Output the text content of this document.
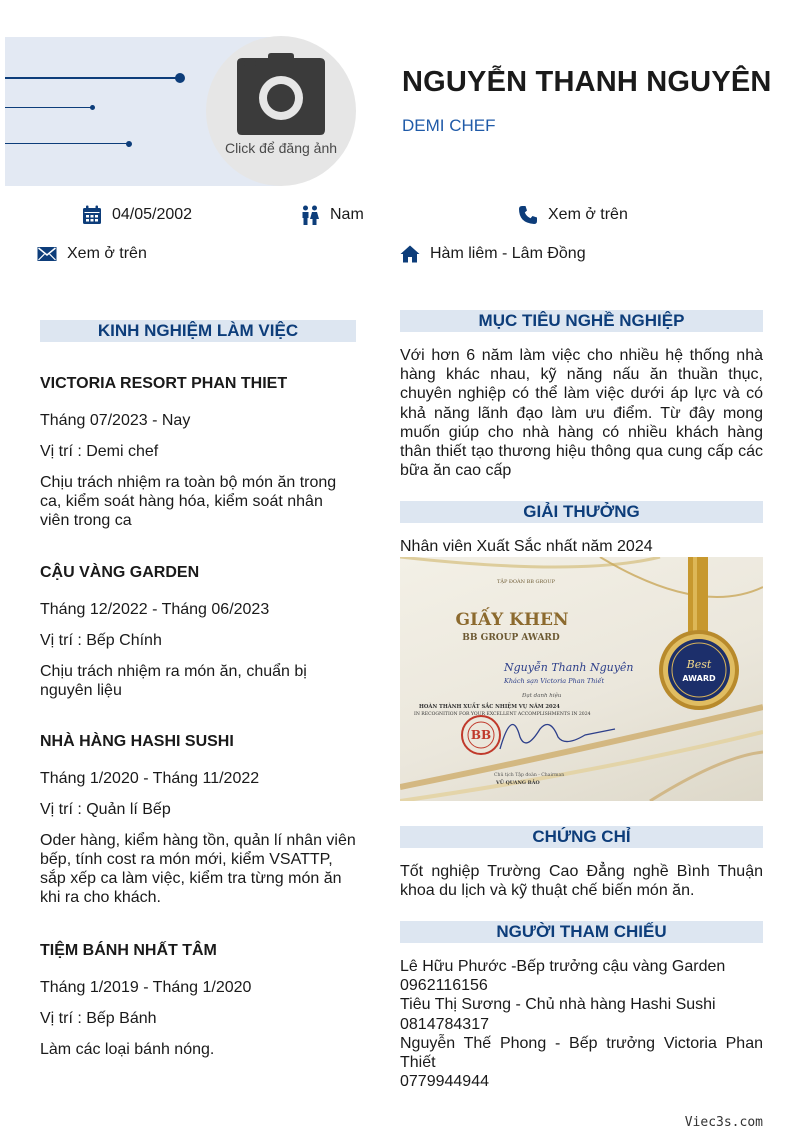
Click để đăng ảnh
NGUYỄN THANH NGUYÊN
DEMI CHEF
04/05/2002	Nam	Xem ở trên
Xem ở trên	Hàm liêm - Lâm Đồng
KINH NGHIỆM LÀM VIỆC
VICTORIA RESORT PHAN THIET
Tháng 07/2023 - Nay
Vị trí : Demi chef
Chịu trách nhiệm ra toàn bộ món ăn trong ca, kiểm soát hàng hóa, kiểm soát nhân viên trong ca
CẬU VÀNG GARDEN
Tháng 12/2022 - Tháng 06/2023
Vị trí : Bếp Chính
Chịu trách nhiệm ra món ăn, chuẩn bị nguyên liệu
NHÀ HÀNG HASHI SUSHI
Tháng 1/2020 - Tháng 11/2022
Vị trí : Quản lí Bếp
Oder hàng, kiểm hàng tồn, quản lí nhân viên bếp, tính cost ra món mới, kiểm VSATTP, sắp xếp ca làm việc, kiểm tra từng món ăn khi ra cho khách.
TIỆM BÁNH NHẤT TÂM
Tháng 1/2019 - Tháng 1/2020
Vị trí : Bếp Bánh
Làm các loại bánh nóng.
MỤC TIÊU NGHỀ NGHIỆP
Với hơn 6 năm làm việc cho nhiều hệ thống nhà hàng khác nhau, kỹ năng nấu ăn thuần thục, chuyên nghiệp có thể làm việc dưới áp lực và có khả năng lãnh đạo làm ưu điểm. Từ đây mong muốn giúp cho nhà hàng có nhiều khách hàng thân thiết tạo thương hiệu thông qua cung cấp các bữa ăn cao cấp
GIẢI THƯỞNG
Nhân viên Xuất Sắc nhất năm 2024
TẬP ĐOÀN BB GROUP
GIẤY KHEN
BB GROUP AWARD
Nguyễn Thanh Nguyên
Khách sạn Victoria Phan Thiết
Đạt danh hiệu
HOÀN THÀNH XUẤT SẮC NHIỆM VỤ NĂM 2024
IN RECOGNITION FOR YOUR EXCELLENT ACCOMPLISHMENTS IN 2024
BB
Chủ tịch Tập đoàn - Chairman
VŨ QUANG BẢO
Best
AWARD
CHỨNG CHỈ
Tốt nghiệp Trường Cao Đẳng nghề Bình Thuận khoa du lịch và kỹ thuật chế biến món ăn.
NGƯỜI THAM CHIẾU
Lê Hữu Phước -Bếp trưởng cậu vàng Garden
0962116156
Tiêu Thị Sương - Chủ nhà hàng Hashi Sushi
0814784317
Nguyễn Thế Phong - Bếp trưởng Victoria Phan Thiết
0779944944
Viec3s.com
